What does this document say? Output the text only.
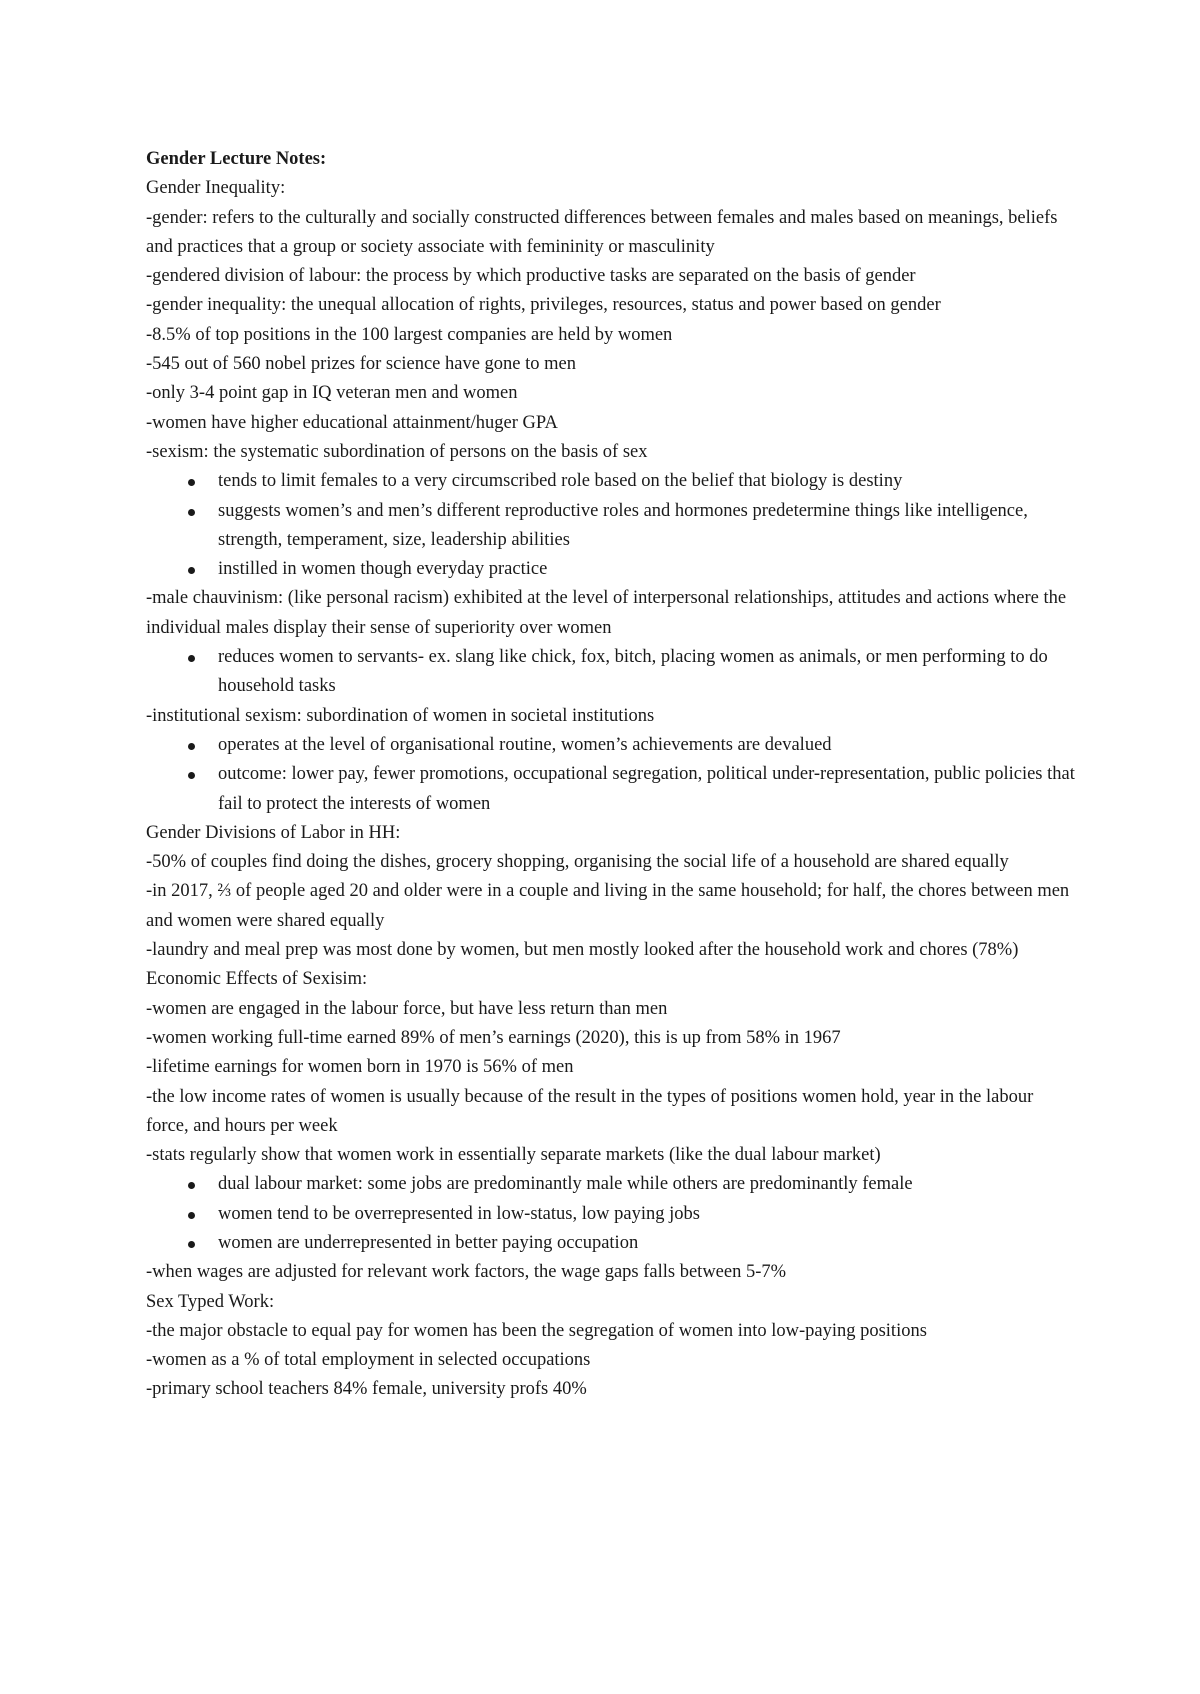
Gender Lecture Notes:
Gender Inequality:
-gender: refers to the culturally and socially constructed differences between females and males based on meanings, beliefs and practices that a group or society associate with femininity or masculinity
-gendered division of labour: the process by which productive tasks are separated on the basis of gender
-gender inequality: the unequal allocation of rights, privileges, resources, status and power based on gender
-8.5% of top positions in the 100 largest companies are held by women
-545 out of 560 nobel prizes for science have gone to men
-only 3-4 point gap in IQ veteran men and women
-women have higher educational attainment/huger GPA
-sexism: the systematic subordination of persons on the basis of sex
tends to limit females to a very circumscribed role based on the belief that biology is destiny
suggests women’s and men’s different reproductive roles and hormones predetermine things like intelligence, strength, temperament, size, leadership abilities
instilled in women though everyday practice
-male chauvinism: (like personal racism) exhibited at the level of interpersonal relationships, attitudes and actions where the individual males display their sense of superiority over women
reduces women to servants- ex. slang like chick, fox, bitch, placing women as animals, or men performing to do household tasks
-institutional sexism: subordination of women in societal institutions
operates at the level of organisational routine, women’s achievements are devalued
outcome: lower pay, fewer promotions, occupational segregation, political under-representation, public policies that fail to protect the interests of women
Gender Divisions of Labor in HH:
-50% of couples find doing the dishes, grocery shopping, organising the social life of a household are shared equally
-in 2017, ⅔ of people aged 20 and older were in a couple and living in the same household; for half, the chores between men and women were shared equally
-laundry and meal prep was most done by women, but men mostly looked after the household work and chores (78%)
Economic Effects of Sexisim:
-women are engaged in the labour force, but have less return than men
-women working full-time earned 89% of men’s earnings (2020), this is up from 58% in 1967
-lifetime earnings for women born in 1970 is 56% of men
-the low income rates of women is usually because of the result in the types of positions women hold, year in the labour force, and hours per week
-stats regularly show that women work in essentially separate markets (like the dual labour market)
dual labour market: some jobs are predominantly male while others are predominantly female
women tend to be overrepresented in low-status, low paying jobs
women are underrepresented in better paying occupation
-when wages are adjusted for relevant work factors, the wage gaps falls between 5-7%
Sex Typed Work:
-the major obstacle to equal pay for women has been the segregation of women into low-paying positions
-women as a % of total employment in selected occupations
-primary school teachers 84% female, university profs 40%
